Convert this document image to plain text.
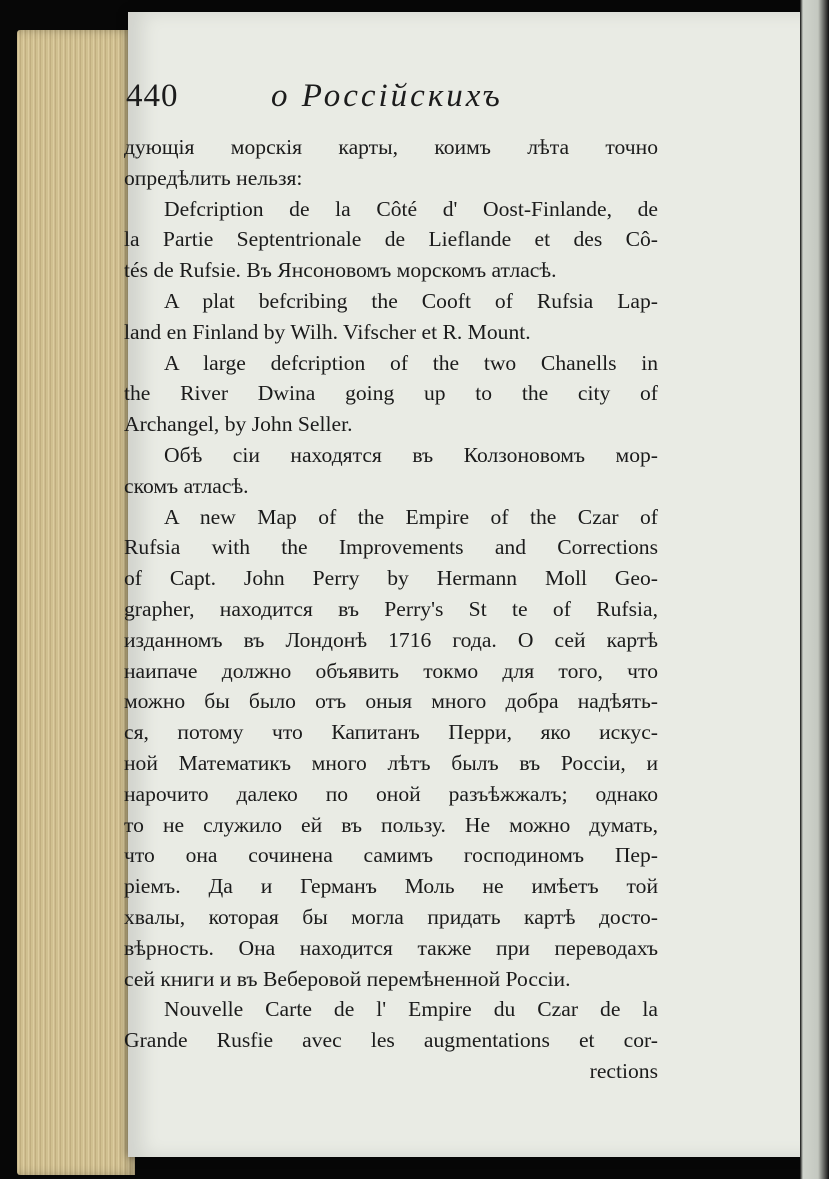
440	о Россійскихъ
дующія морскія карты, коимъ лѣта точно
опредѣлить нельзя:
Defcription de la Côté d' Oost-Finlande, de
la Partie Septentrionale de Lieflande et des Cô-
tés de Rufsie. Въ Янсоновомъ морскомъ атласѣ.
A plat befcribing the Cooft of Rufsia Lap-
land en Finland by Wilh. Vifscher et R. Mount.
A large defcription of the two Chanells in
the River Dwina going up to the city of
Archangel, by John Seller.
Обѣ сіи находятся въ Колзоновомъ мор-
скомъ атласѣ.
A new Map of the Empire of the Czar of
Rufsia with the Improvements and Corrections
of Capt. John Perry by Hermann Moll Geo-
grapher, находится въ Perry's St te of Rufsia,
изданномъ въ Лондонѣ 1716 года. О сей картѣ
наипаче должно объявить токмо для того, что
можно бы было отъ оныя много добра надѣять-
ся, потому что Капитанъ Перри, яко искус-
ной Математикъ много лѣтъ былъ въ Россіи, и
нарочито далеко по оной разъѣжжалъ; однако
то не служило ей въ пользу. Не можно думать,
что она сочинена самимъ господиномъ Пер-
ріемъ. Да и Германъ Моль не имѣетъ той
хвалы, которая бы могла придать картѣ досто-
вѣрность. Она находится также при переводахъ
сей книги и въ Веберовой перемѣненной Россіи.
Nouvelle Carte de l' Empire du Czar de la
Grande Rusfie avec les augmentations et cor-
rections
